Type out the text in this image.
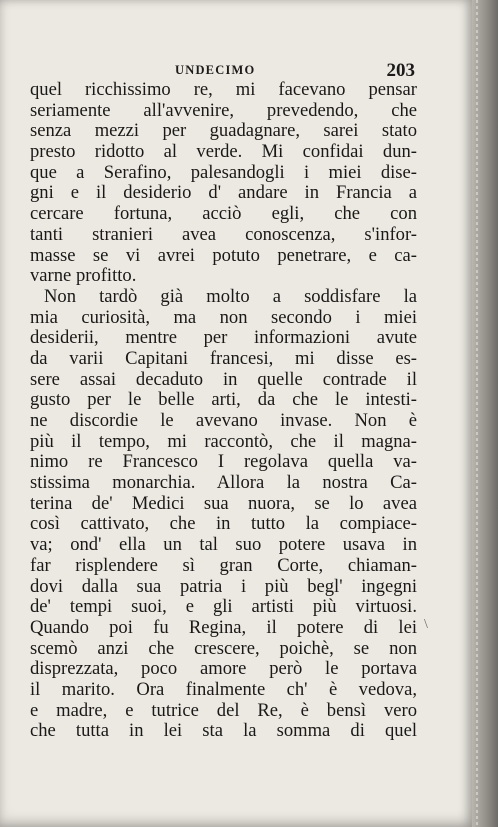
UNDECIMO	203
quel ricchissimo re, mi facevano pensar
seriamente all'avvenire, prevedendo, che
senza mezzi per guadagnare, sarei stato
presto ridotto al verde. Mi confidai dun-
que a Serafino, palesandogli i miei dise-
gni e il desiderio d' andare in Francia a
cercare fortuna, acciò egli, che con
tanti stranieri avea conoscenza, s'infor-
masse se vi avrei potuto penetrare, e ca-
varne profitto.
Non tardò già molto a soddisfare la
mia curiosità, ma non secondo i miei
desiderii, mentre per informazioni avute
da varii Capitani francesi, mi disse es-
sere assai decaduto in quelle contrade il
gusto per le belle arti, da che le intesti-
ne discordie le avevano invase. Non è
più il tempo, mi raccontò, che il magna-
nimo re Francesco I regolava quella va-
stissima monarchia. Allora la nostra Ca-
terina de' Medici sua nuora, se lo avea
così cattivato, che in tutto la compiace-
va; ond' ella un tal suo potere usava in
far risplendere sì gran Corte, chiaman-
dovi dalla sua patria i più begl' ingegni
de' tempi suoi, e gli artisti più virtuosi.
Quando poi fu Regina, il potere di lei
scemò anzi che crescere, poichè, se non
disprezzata, poco amore però le portava
il marito. Ora finalmente ch' è vedova,
e madre, e tutrice del Re, è bensì vero
che tutta in lei sta la somma di quel
\
